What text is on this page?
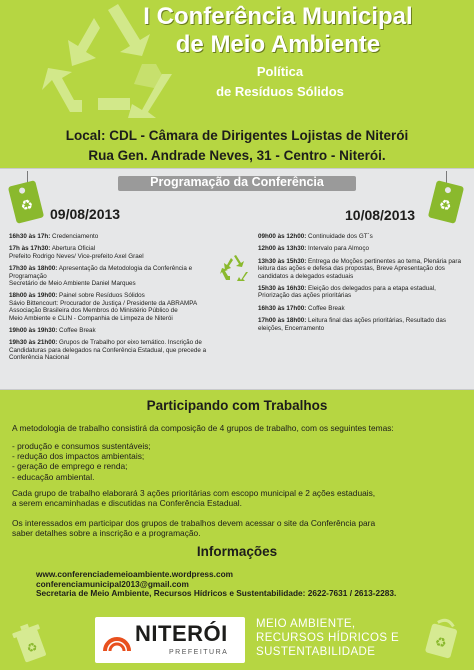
I Conferência Municipal
de Meio Ambiente
Política
de Resíduos Sólidos
Local: CDL - Câmara de Dirigentes Lojistas de Niterói
Rua Gen. Andrade Neves, 31 - Centro - Niterói.
Programação da Conferência
♻	♻
09/08/2013	10/08/2013
16h30 às 17h: Credenciamento
17h às 17h30: Abertura Oficial
Prefeito Rodrigo Neves/ Vice-prefeito Axel Grael
17h30 às 18h00: Apresentação da Metodologia da Conferência e Programação
Secretário de Meio Ambiente Daniel Marques
18h00 às 19h00: Painel sobre Resíduos Sólidos
Sávio Bittencourt: Procurador de Justiça / Presidente da ABRAMPA
Associação Brasileira dos Membros do Ministério Público de
Meio Ambiente e CLIN - Companhia de Limpeza de Niterói
19h00 às 19h30: Coffee Break
19h30 às 21h00: Grupos de Trabalho por eixo temático. Inscrição de Candidaturas para delegados na Conferência Estadual, que precede a Conferência Nacional
09h00 às 12h00: Continuidade dos GT´s
12h00 às 13h30: Intervalo para Almoço
13h30 às 15h30: Entrega de Moções pertinentes ao tema, Plenária para leitura das ações e defesa das propostas, Breve Apresentação dos candidatos a delegados estaduais
15h30 às 16h30: Eleição dos delegados para a etapa estadual, Priorização das ações prioritárias
16h30 às 17h00: Coffee Break
17h00 às 18h00: Leitura final das ações prioritárias, Resultado das eleições, Encerramento
Participando com Trabalhos
A metodologia de trabalho consistirá da composição de 4 grupos de trabalho, com os seguintes temas:
- produção e consumos sustentáveis;
- redução dos impactos ambientais;
- geração de emprego e renda;
- educação ambiental.
Cada grupo de trabalho elaborará 3 ações prioritárias com escopo municipal e 2 ações estaduais,
a serem encaminhadas e discutidas na Conferência Estadual.
Os interessados em participar dos grupos de trabalhos devem acessar o site da Conferência para
saber detalhes sobre a inscrição e a programação.
Informações
www.conferenciademeioambiente.wordpress.com
conferenciamunicipal2013@gmail.com
Secretaria de Meio Ambiente, Recursos Hídricos e Sustentabilidade: 2622-7631 / 2613-2283.
♻
NITERÓI
PREFEITURA
MEIO AMBIENTE,
RECURSOS HÍDRICOS E
SUSTENTABILIDADE	♻
